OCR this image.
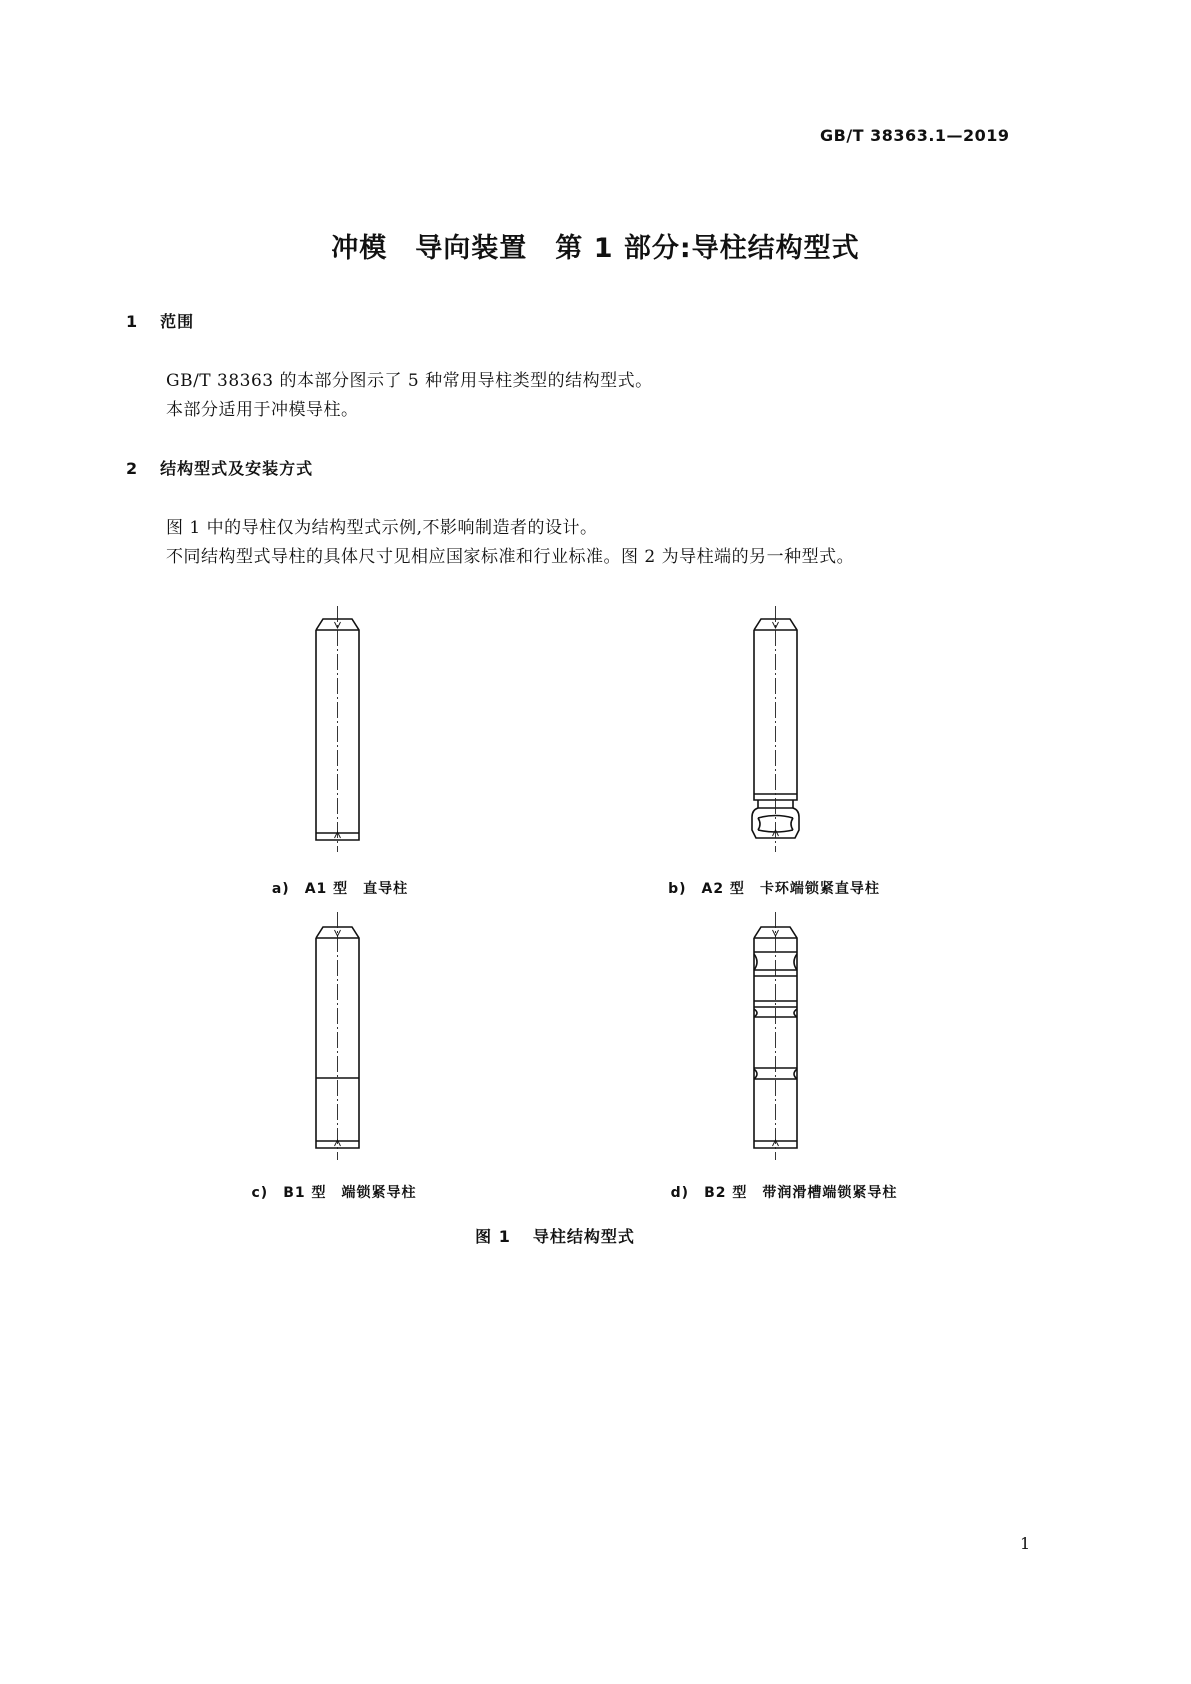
GB/T 38363.1—2019
冲模　导向装置　第 1 部分:导柱结构型式
1 范围
GB/T 38363 的本部分图示了 5 种常用导柱类型的结构型式。
本部分适用于冲模导柱。
2 结构型式及安装方式
图 1 中的导柱仅为结构型式示例,不影响制造者的设计。
不同结构型式导柱的具体尺寸见相应国家标准和行业标准。图 2 为导柱端的另一种型式。
a)　 A1 型　 直导柱	b)　 A2 型　 卡环端锁紧直导柱
c)　 B1 型　 端锁紧导柱	d)　 B2 型　 带润滑槽端锁紧导柱
图 1 导柱结构型式
1
